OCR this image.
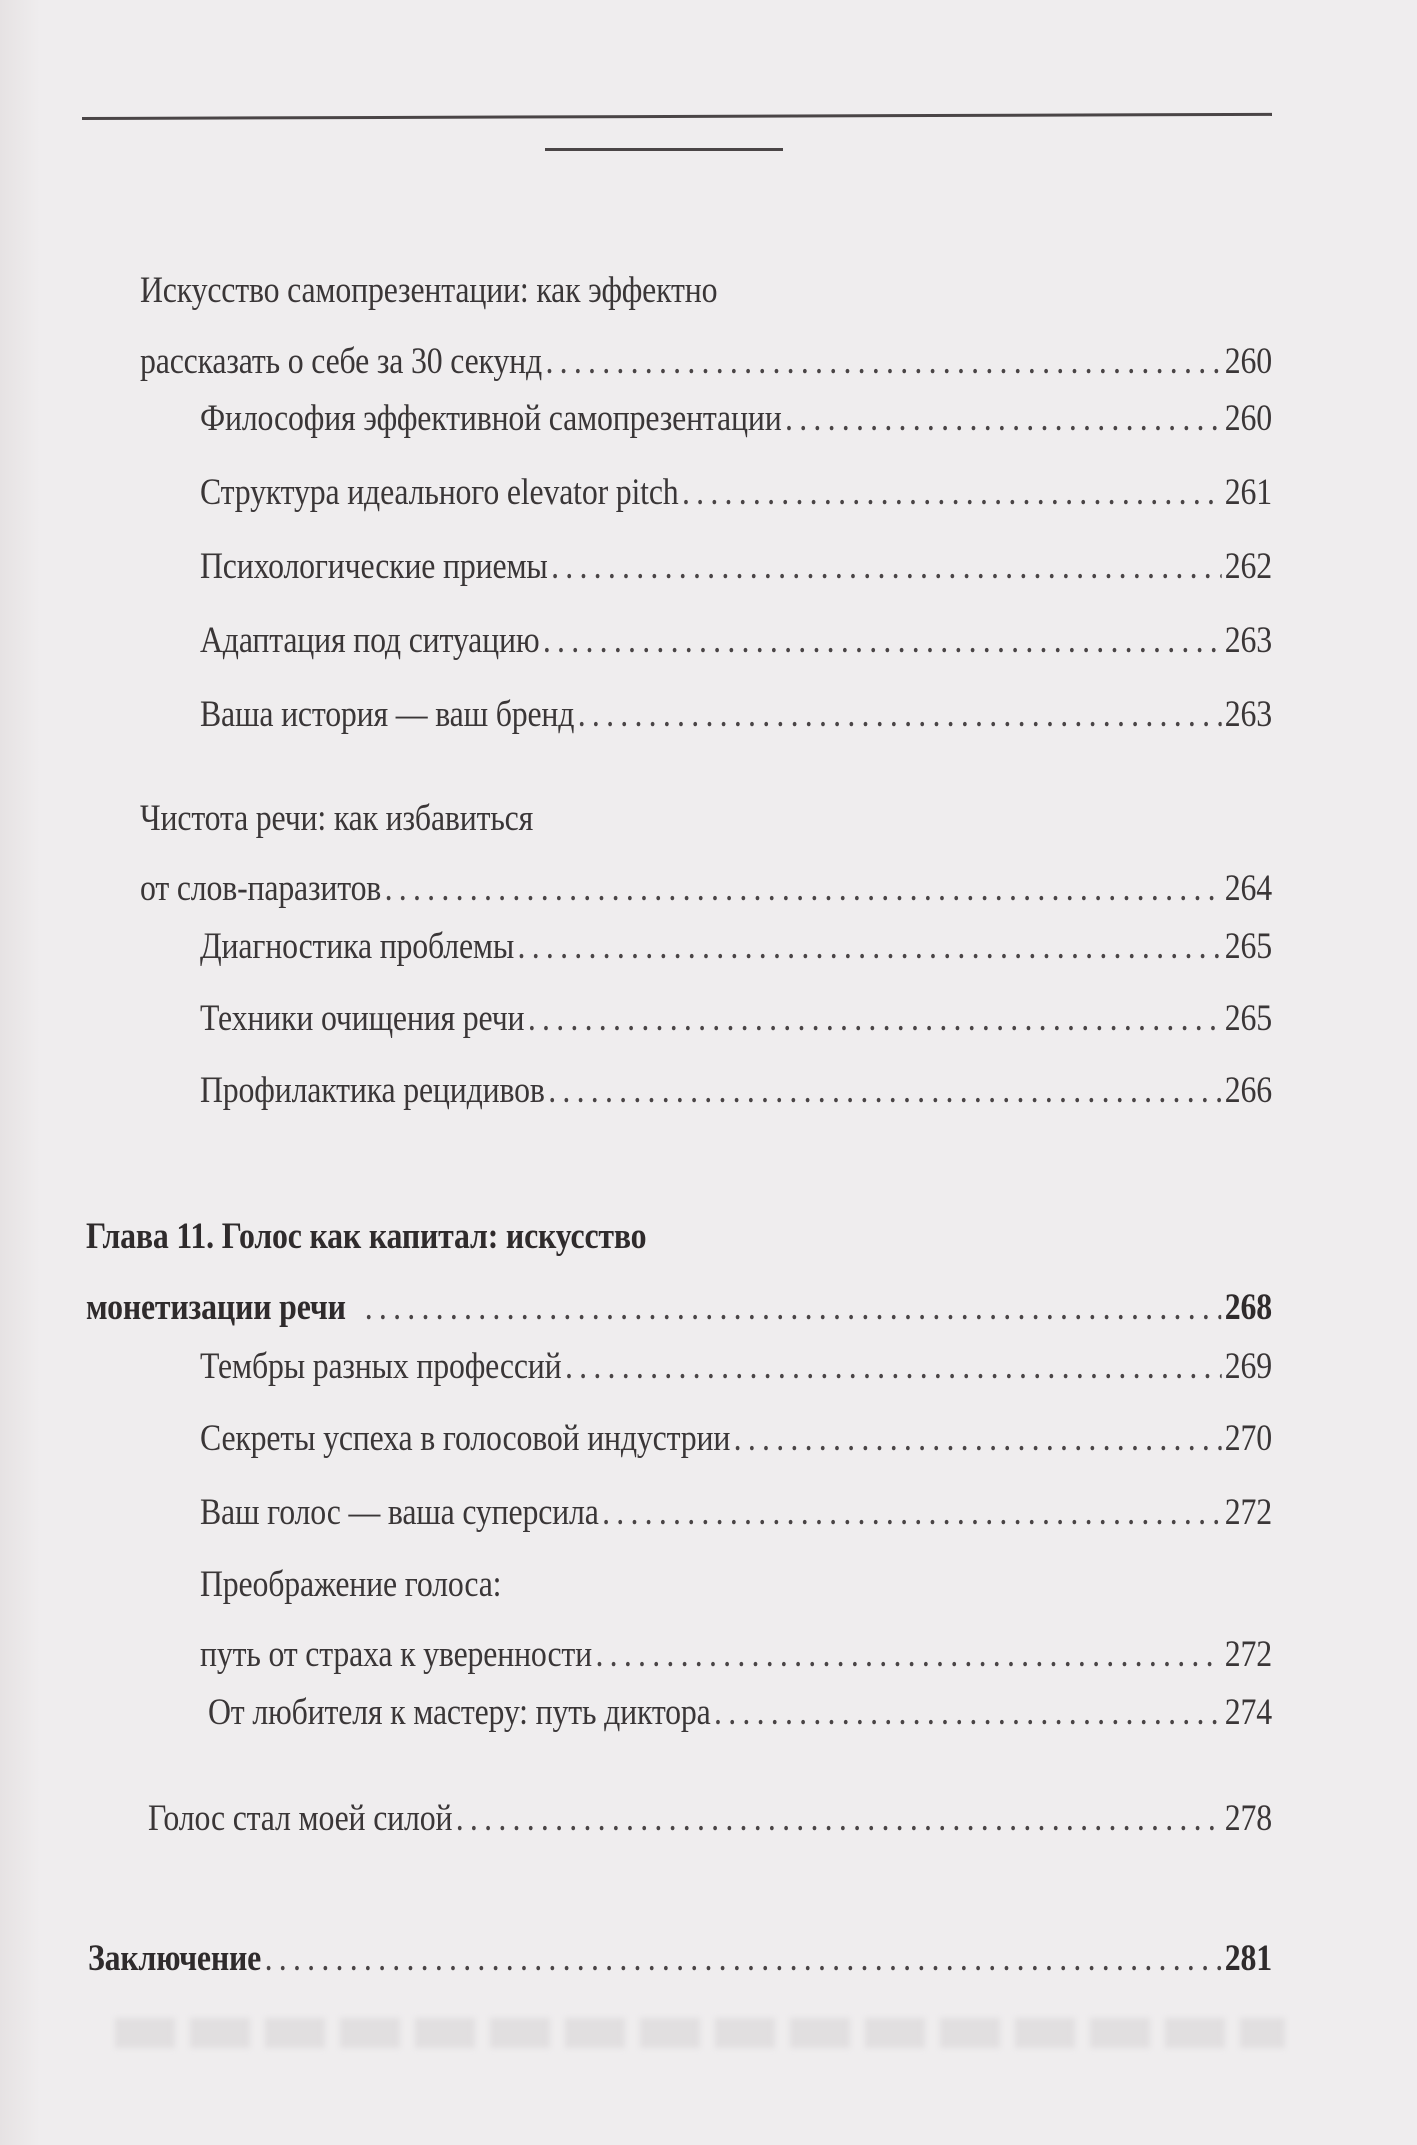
Искусство самопрезентации: как эффектно
рассказать о себе за 30 секунд . . .	260
Философия эффективной самопрезентации . . .	260
Структура идеального elevator pitch . . .	261
Психологические приемы . . .	262
Адаптация под ситуацию . . .	263
Ваша история — ваш бренд . . .	263
Чистота речи: как избавиться
от слов-паразитов . . .	264
Диагностика проблемы . . .	265
Техники очищения речи . . .	265
Профилактика рецидивов . . .	266
Глава 11. Голос как капитал: искусство
монетизации речи . . .	268
Тембры разных профессий . . .	269
Секреты успеха в голосовой индустрии . . .	270
Ваш голос — ваша суперсила . . .	272
Преображение голоса:
путь от страха к уверенности . . .	272
От любителя к мастеру: путь диктора . . .	274
Голос стал моей силой . . .	278
Заключение . . .	281
